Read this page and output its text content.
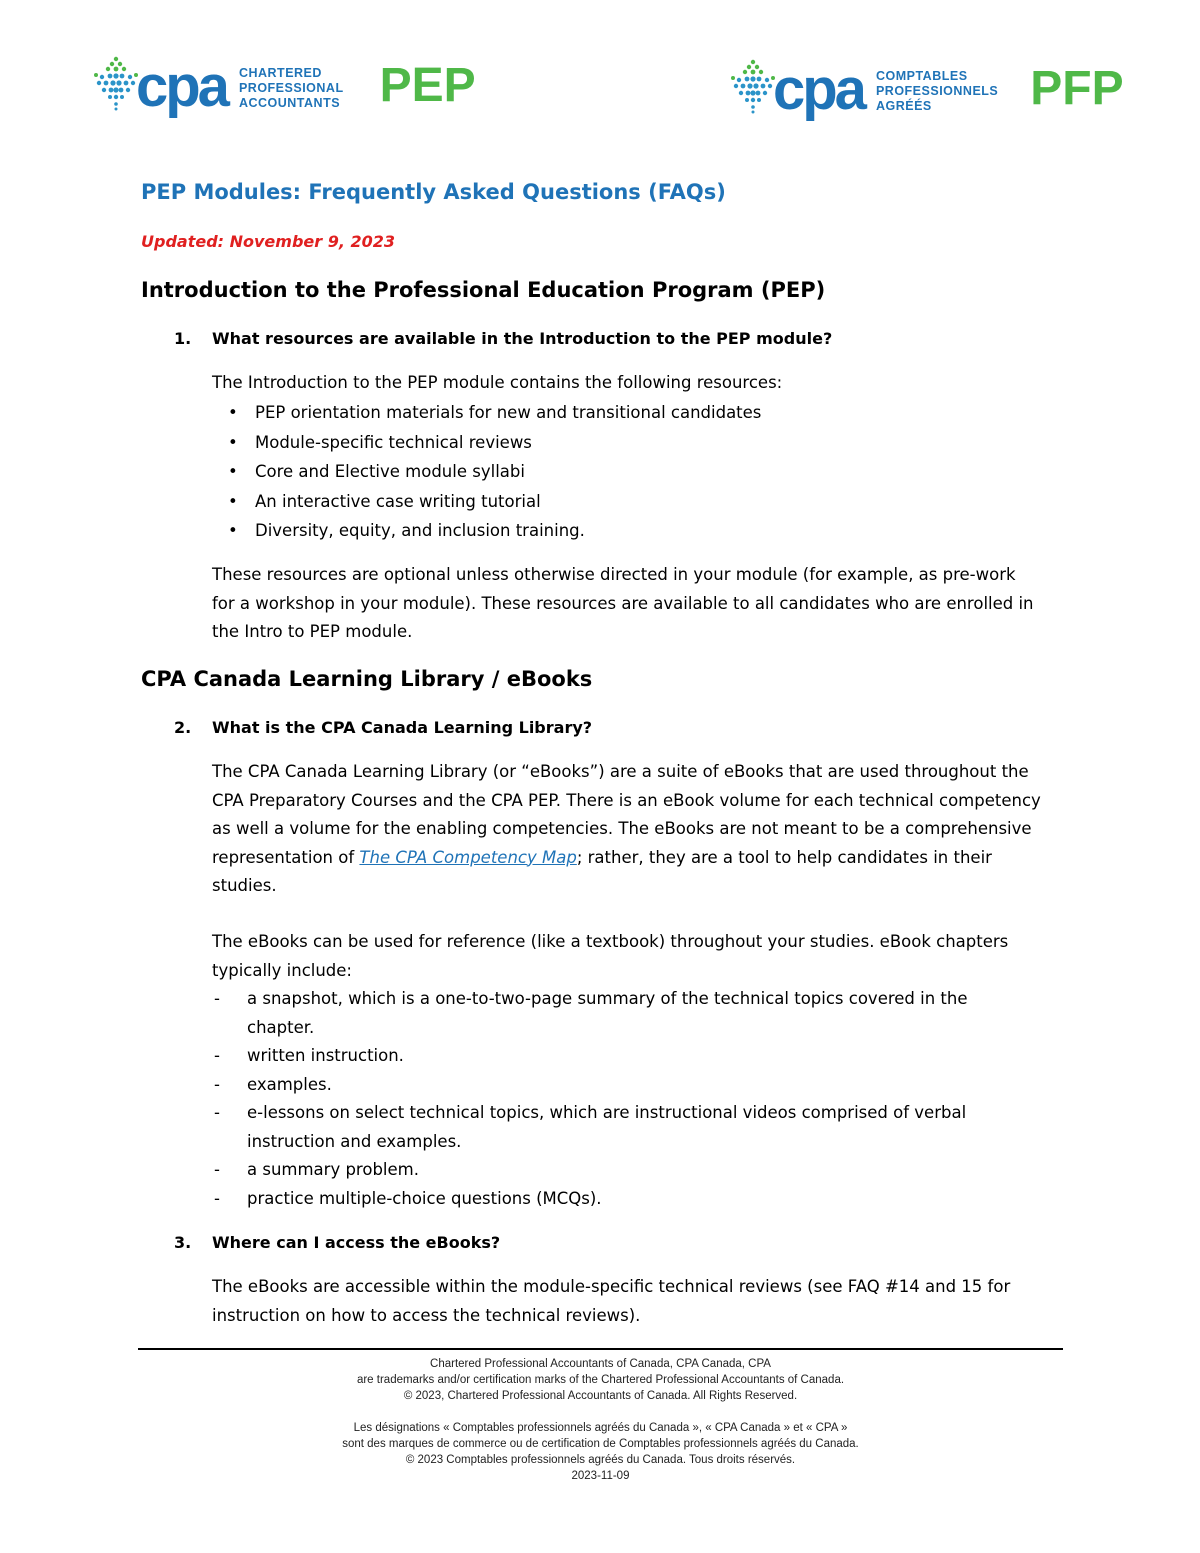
cpa CHARTERED
PROFESSIONAL
ACCOUNTANTS PEP	cpa COMPTABLES
PROFESSIONNELS
AGRÉÉS	PFP
PEP Modules: Frequently Asked Questions (FAQs)
Updated: November 9, 2023
Introduction to the Professional Education Program (PEP)
1. What resources are available in the Introduction to the PEP module?
The Introduction to the PEP module contains the following resources:
• PEP orientation materials for new and transitional candidates
• Module-specific technical reviews
• Core and Elective module syllabi
• An interactive case writing tutorial
• Diversity, equity, and inclusion training.
These resources are optional unless otherwise directed in your module (for example, as pre-work for a workshop in your module). These resources are available to all candidates who are enrolled in the Intro to PEP module.
CPA Canada Learning Library / eBooks
2. What is the CPA Canada Learning Library?
The CPA Canada Learning Library (or “eBooks”) are a suite of eBooks that are used throughout the CPA Preparatory Courses and the CPA PEP. There is an eBook volume for each technical competency as well a volume for the enabling competencies. The eBooks are not meant to be a comprehensive representation of The CPA Competency Map; rather, they are a tool to help candidates in their studies.
The eBooks can be used for reference (like a textbook) throughout your studies. eBook chapters typically include:
- a snapshot, which is a one-to-two-page summary of the technical topics covered in the chapter.
- written instruction.
- examples.
- e-lessons on select technical topics, which are instructional videos comprised of verbal instruction and examples.
- a summary problem.
- practice multiple-choice questions (MCQs).
3. Where can I access the eBooks?
The eBooks are accessible within the module-specific technical reviews (see FAQ #14 and 15 for instruction on how to access the technical reviews).
Chartered Professional Accountants of Canada, CPA Canada, CPA
are trademarks and/or certification marks of the Chartered Professional Accountants of Canada.
© 2023, Chartered Professional Accountants of Canada. All Rights Reserved.
Les désignations « Comptables professionnels agréés du Canada », « CPA Canada » et « CPA »
sont des marques de commerce ou de certification de Comptables professionnels agréés du Canada.
© 2023 Comptables professionnels agréés du Canada. Tous droits réservés.
2023-11-09
